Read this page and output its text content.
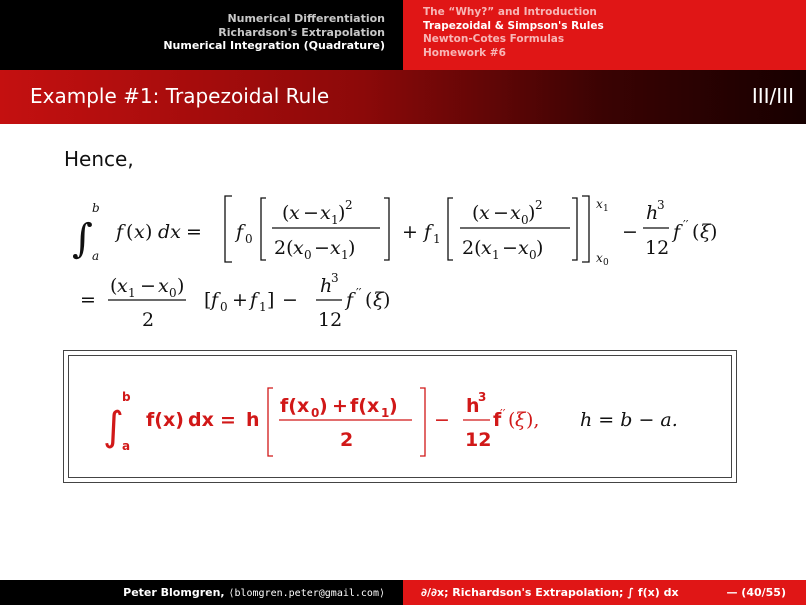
Numerical Differentiation
Richardson's Extrapolation
Numerical Integration (Quadrature)
The “Why?” and Introduction
Trapezoidal & Simpson's Rules
Newton-Cotes Formulas
Homework #6
Example #1: Trapezoidal Rule	III/III
Hence,
∫
b
a
f ( x ) dx = f 0
( x − x 1 ) 2
2( x 0 − x 1 )
+ f 1
( x − x 0 ) 2
2( x 1 − x 0 )
x 1
x 0
−
h
3
12
f ′′ ( ξ )
=
( x 1 − x 0 )
2
[ f 0 + f 1 ] −
h
3
12
f ′′ ( ξ )
∫
b
a
f(x) dx = h
f(x 0 ) + f(x 1 )
2
−
h
3
12
f
′′ ( ξ ), h = b − a.
Peter Blomgren, ⟨blomgren.peter@gmail.com⟩	∂/∂x; Richardson's Extrapolation; ∫ f(x) dx	— (40/55)
